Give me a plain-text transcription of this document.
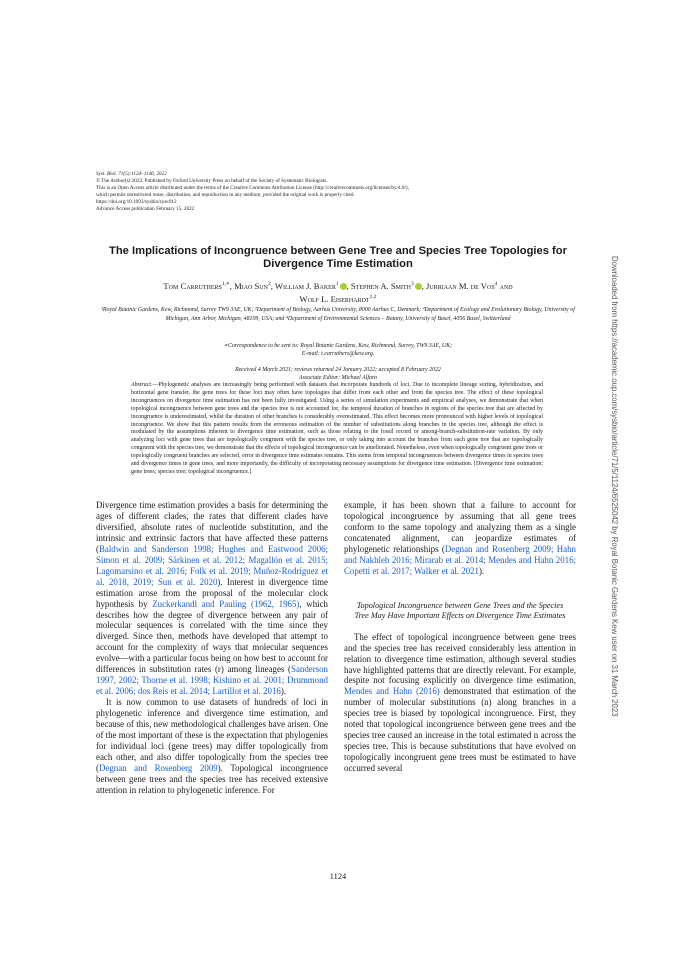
Syst. Biol. 71(5):1124–1146, 2022
© The Author(s) 2022. Published by Oxford University Press on behalf of the Society of Systematic Biologists.
This is an Open Access article distributed under the terms of the Creative Commons Attribution License (http://creativecommons.org/licenses/by/4.0/),
which permits unrestricted reuse, distribution, and reproduction in any medium, provided the original work is properly cited.
https://doi.org/10.1093/sysbio/syac012
Advance Access publication February 15, 2022
The Implications of Incongruence between Gene Tree and Species Tree Topologies for Divergence Time Estimation
Tom Carruthers$^{1,∗}$, Miao Sun$^2$, William J. Baker$^1$ , Stephen A. Smith$^3$ , Jurriaan M. de Vos$^4$ and
Wolf L. Eiserhardt$^{1,2}$
¹Royal Botanic Gardens, Kew, Richmond, Surrey TW9 3AE, UK; ²Department of Biology, Aarhus University, 8000 Aarhus C, Denmark; ³Department of Ecology and Evolutionary Biology, University of Michigan, Ann Arbor, Michigan, 48109, USA; and ⁴Department of Environmental Sciences – Botany, University of Basel, 4056 Basel, Switzerland
∗Correspondence to be sent to: Royal Botanic Gardens, Kew, Richmond, Surrey, TW9 3AE, UK;
E-mail: t.carruthers@kew.org.
Received 4 March 2021; reviews returned 24 January 2022; accepted 8 February 2022
Associate Editor: Michael Alfaro
Abstract.—Phylogenetic analyses are increasingly being performed with datasets that incorporate hundreds of loci. Due to incomplete lineage sorting, hybridization, and horizontal gene transfer, the gene trees for these loci may often have topologies that differ from each other and from the species tree. The effect of these topological incongruences on divergence time estimation has not been fully investigated. Using a series of simulation experiments and empirical analyses, we demonstrate that when topological incongruence between gene trees and the species tree is not accounted for, the temporal duration of branches in regions of the species tree that are affected by incongruence is underestimated, whilst the duration of other branches is considerably overestimated. This effect becomes more pronounced with higher levels of topological incongruence. We show that this pattern results from the erroneous estimation of the number of substitutions along branches in the species tree, although the effect is modulated by the assumptions inherent to divergence time estimation, such as those relating to the fossil record or among-branch-substitution-rate variation. By only analyzing loci with gene trees that are topologically congruent with the species tree, or only taking into account the branches from each gene tree that are topologically congruent with the species tree, we demonstrate that the effects of topological incongruence can be ameliorated. Nonetheless, even when topologically congruent gene trees or topologically congruent branches are selected, error in divergence time estimates remains. This stems from temporal incongruences between divergence times in species trees and divergence times in gene trees, and more importantly, the difficulty of incorporating necessary assumptions for divergence time estimation. [Divergence time estimation; gene trees; species tree; topological incongruence.]

Divergence time estimation provides a basis for determining the ages of different clades, the rates that different clades have diversified, absolute rates of nucleotide substitution, and the intrinsic and extrinsic factors that have affected these patterns (Baldwin and Sanderson 1998; Hughes and Eastwood 2006; Simon et al. 2009; Särkinen et al. 2012; Magallón et al. 2015; Lagomarsino et al. 2016; Folk et al. 2019; Muñoz-Rodríguez et al. 2018, 2019; Sun et al. 2020). Interest in divergence time estimation arose from the proposal of the molecular clock hypothesis by Zuckerkandl and Pauling (1962, 1965), which describes how the degree of divergence between any pair of molecular sequences is correlated with the time since they diverged. Since then, methods have developed that attempt to account for the complexity of ways that molecular sequences evolve—with a particular focus being on how best to account for differences in substitution rates (r) among lineages (Sanderson 1997, 2002; Thorne et al. 1998; Kishino et al. 2001; Drummond et al. 2006; dos Reis et al. 2014; Lartillot et al. 2016).

It is now common to use datasets of hundreds of loci in phylogenetic inference and divergence time estimation, and because of this, new methodological challenges have arisen. One of the most important of these is the expectation that phylogenies for individual loci (gene trees) may differ topologically from each other, and also differ topologically from the species tree (Degnan and Rosenberg 2009). Topological incongruence between gene trees and the species tree has received extensive attention in relation to phylogenetic inference. For

example, it has been shown that a failure to account for topological incongruence by assuming that all gene trees conform to the same topology and analyzing them as a single concatenated alignment, can jeopardize estimates of phylogenetic relationships (Degnan and Rosenberg 2009; Hahn and Nakhleh 2016; Mirarab et al. 2014; Mendes and Hahn 2016; Copetti et al. 2017; Walker et al. 2021).

Topological Incongruence between Gene Trees and the Species Tree May Have Important Effects on Divergence Time Estimates

The effect of topological incongruence between gene trees and the species tree has received considerably less attention in relation to divergence time estimation, although several studies have highlighted patterns that are directly relevant. For example, despite not focusing explicitly on divergence time estimation, Mendes and Hahn (2016) demonstrated that estimation of the number of molecular substitutions (n) along branches in a species tree is biased by topological incongruence. First, they noted that topological incongruence between gene trees and the species tree caused an increase in the total estimated n across the species tree. This is because substitutions that have evolved on topologically incongruent gene trees must be estimated to have occurred several

1124
Downloaded from https://academic.oup.com/sysbio/article/71/5/1124/6525042 by Royal Botanic Gardens Kew user on 31 March 2023
